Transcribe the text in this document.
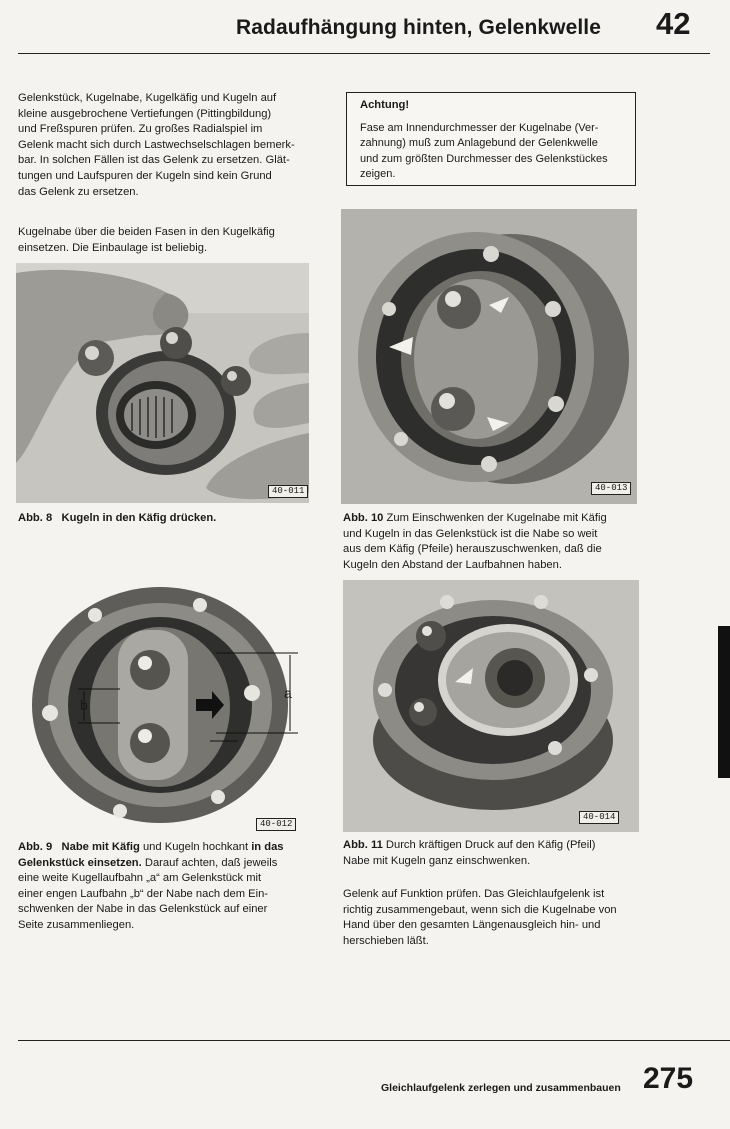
Radaufhängung hinten, Gelenkwelle 42
Gelenkstück, Kugelnabe, Kugelkäfig und Kugeln auf
kleine ausgebrochene Vertiefungen (Pittingbildung)
und Freßspuren prüfen. Zu großes Radialspiel im
Gelenk macht sich durch Lastwechselschlagen bemerk-
bar. In solchen Fällen ist das Gelenk zu ersetzen. Glät-
tungen und Laufspuren der Kugeln sind kein Grund
das Gelenk zu ersetzen.
Achtung!
Fase am Innendurchmesser der Kugelnabe (Ver-
zahnung) muß zum Anlagebund der Gelenkwelle
und zum größten Durchmesser des Gelenkstückes
zeigen.
Kugelnabe über die beiden Fasen in den Kugelkäfig
einsetzen. Die Einbaulage ist beliebig.
40-011
Abb. 8 Kugeln in den Käfig drücken.
40-013
Abb. 10 Zum Einschwenken der Kugelnabe mit Käfig
und Kugeln in das Gelenkstück ist die Nabe so weit
aus dem Käfig (Pfeile) herauszuschwenken, daß die
Kugeln den Abstand der Laufbahnen haben.
a
b
40-012
Abb. 9 Nabe mit Käfig und Kugeln hochkant in das
Gelenkstück einsetzen. Darauf achten, daß jeweils
eine weite Kugellaufbahn „a“ am Gelenkstück mit
einer engen Laufbahn „b“ der Nabe nach dem Ein-
schwenken der Nabe in das Gelenkstück auf einer
Seite zusammenliegen.
40-014
Abb. 11 Durch kräftigen Druck auf den Käfig (Pfeil)
Nabe mit Kugeln ganz einschwenken.
Gelenk auf Funktion prüfen. Das Gleichlaufgelenk ist
richtig zusammengebaut, wenn sich die Kugelnabe von
Hand über den gesamten Längenausgleich hin- und
herschieben läßt.
Gleichlaufgelenk zerlegen und zusammenbauen 275
